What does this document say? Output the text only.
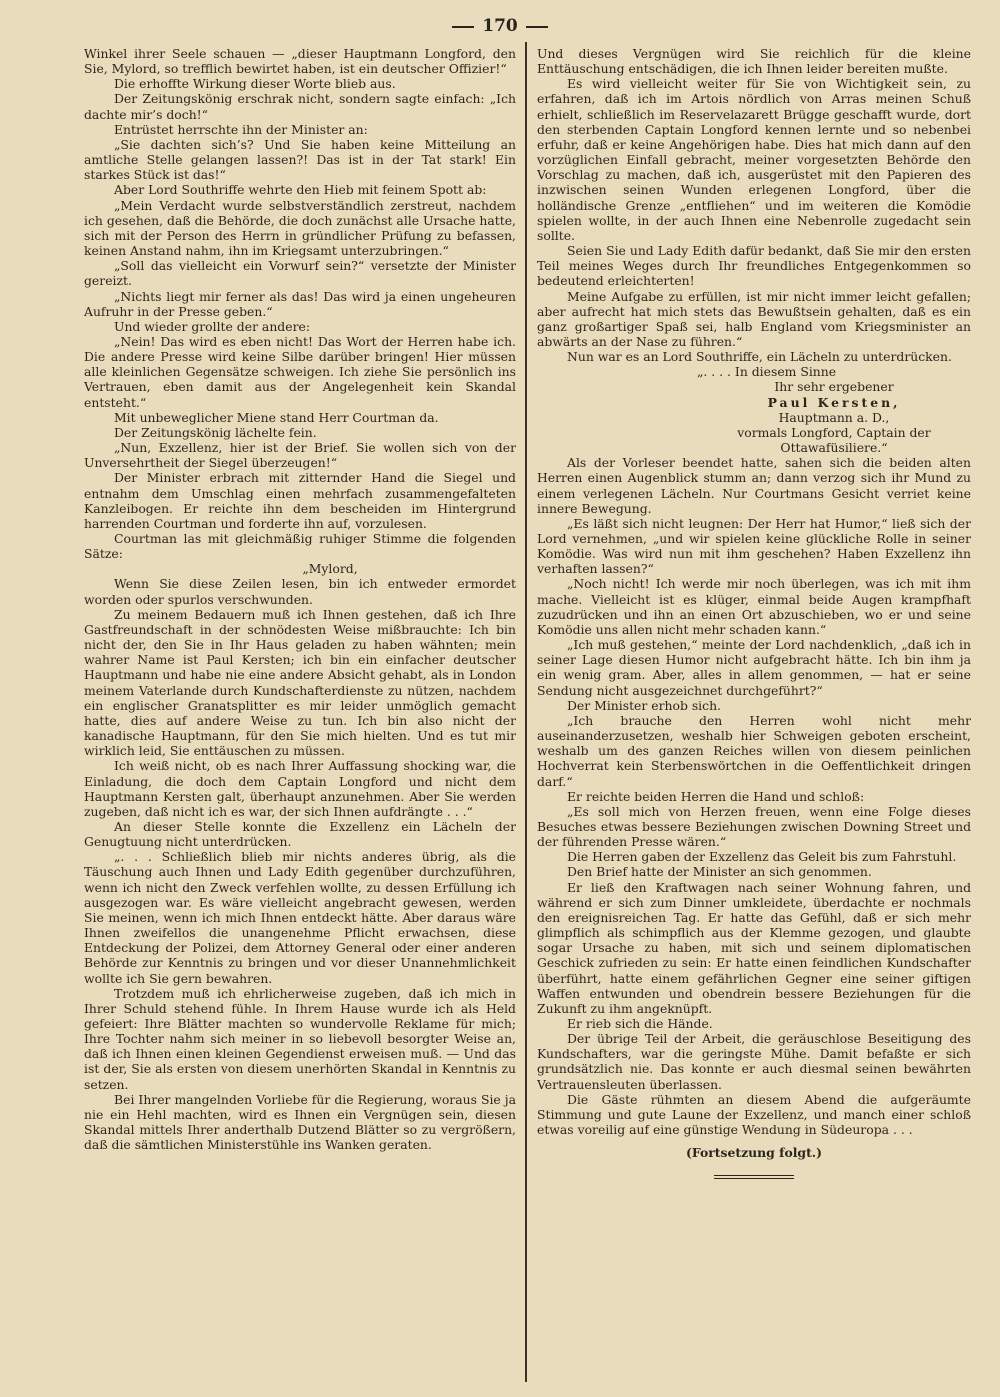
170

Winkel ihrer Seele schauen — „dieser Hauptmann Longford, den Sie, Mylord, so trefflich bewirtet haben, ist ein deutscher Offizier!“

Die erhoffte Wirkung dieser Worte blieb aus.

Der Zeitungskönig erschrak nicht, sondern sagte einfach: „Ich dachte mir’s doch!“

Entrüstet herrschte ihn der Minister an:

„Sie dachten sich’s? Und Sie haben keine Mitteilung an amtliche Stelle gelangen lassen?! Das ist in der Tat stark! Ein starkes Stück ist das!“

Aber Lord Southriffe wehrte den Hieb mit feinem Spott ab:

„Mein Verdacht wurde selbstverständlich zerstreut, nachdem ich gesehen, daß die Behörde, die doch zunächst alle Ursache hatte, sich mit der Person des Herrn in gründlicher Prüfung zu befassen, keinen Anstand nahm, ihn im Kriegsamt unterzubringen.“

„Soll das vielleicht ein Vorwurf sein?“ versetzte der Minister gereizt.

„Nichts liegt mir ferner als das! Das wird ja einen ungeheuren Aufruhr in der Presse geben.“

Und wieder grollte der andere:

„Nein! Das wird es eben nicht! Das Wort der Herren habe ich. Die andere Presse wird keine Silbe darüber bringen! Hier müssen alle kleinlichen Gegensätze schweigen. Ich ziehe Sie persönlich ins Vertrauen, eben damit aus der Angelegenheit kein Skandal entsteht.“

Mit unbeweglicher Miene stand Herr Courtman da.

Der Zeitungskönig lächelte fein.

„Nun, Exzellenz, hier ist der Brief. Sie wollen sich von der Unversehrtheit der Siegel überzeugen!“

Der Minister erbrach mit zitternder Hand die Siegel und entnahm dem Umschlag einen mehrfach zusammengefalteten Kanzleibogen. Er reichte ihn dem bescheiden im Hintergrund harrenden Courtman und forderte ihn auf, vorzulesen.

Courtman las mit gleichmäßig ruhiger Stimme die folgenden Sätze:

„Mylord,

Wenn Sie diese Zeilen lesen, bin ich entweder ermordet worden oder spurlos verschwunden.

Zu meinem Bedauern muß ich Ihnen gestehen, daß ich Ihre Gastfreundschaft in der schnödesten Weise mißbrauchte: Ich bin nicht der, den Sie in Ihr Haus geladen zu haben wähnten; mein wahrer Name ist Paul Kersten; ich bin ein einfacher deutscher Hauptmann und habe nie eine andere Absicht gehabt, als in London meinem Vaterlande durch Kundschafterdienste zu nützen, nachdem ein englischer Granatsplitter es mir leider unmöglich gemacht hatte, dies auf andere Weise zu tun. Ich bin also nicht der kanadische Hauptmann, für den Sie mich hielten. Und es tut mir wirklich leid, Sie enttäuschen zu müssen.

Ich weiß nicht, ob es nach Ihrer Auffassung shocking war, die Einladung, die doch dem Captain Longford und nicht dem Hauptmann Kersten galt, überhaupt anzunehmen. Aber Sie werden zugeben, daß nicht ich es war, der sich Ihnen aufdrängte . . .“

An dieser Stelle konnte die Exzellenz ein Lächeln der Genugtuung nicht unterdrücken.

„. . . Schließlich blieb mir nichts anderes übrig, als die Täuschung auch Ihnen und Lady Edith gegenüber durchzuführen, wenn ich nicht den Zweck verfehlen wollte, zu dessen Erfüllung ich ausgezogen war. Es wäre vielleicht angebracht gewesen, werden Sie meinen, wenn ich mich Ihnen entdeckt hätte. Aber daraus wäre Ihnen zweifellos die unangenehme Pflicht erwachsen, diese Entdeckung der Polizei, dem Attorney General oder einer anderen Behörde zur Kenntnis zu bringen und vor dieser Unannehmlichkeit wollte ich Sie gern bewahren.

Trotzdem muß ich ehrlicherweise zugeben, daß ich mich in Ihrer Schuld stehend fühle. In Ihrem Hause wurde ich als Held gefeiert: Ihre Blätter machten so wundervolle Reklame für mich; Ihre Tochter nahm sich meiner in so liebevoll besorgter Weise an, daß ich Ihnen einen kleinen Gegendienst erweisen muß. — Und das ist der, Sie als ersten von diesem unerhörten Skandal in Kenntnis zu setzen.

Bei Ihrer mangelnden Vorliebe für die Regierung, woraus Sie ja nie ein Hehl machten, wird es Ihnen ein Vergnügen sein, diesen Skandal mittels Ihrer anderthalb Dutzend Blätter so zu vergrößern, daß die sämtlichen Ministerstühle ins Wanken geraten.

Und dieses Vergnügen wird Sie reichlich für die kleine Enttäuschung entschädigen, die ich Ihnen leider bereiten mußte.

Es wird vielleicht weiter für Sie von Wichtigkeit sein, zu erfahren, daß ich im Artois nördlich von Arras meinen Schuß erhielt, schließlich im Reservelazarett Brügge geschafft wurde, dort den sterbenden Captain Longford kennen lernte und so nebenbei erfuhr, daß er keine Angehörigen habe. Dies hat mich dann auf den vorzüglichen Einfall gebracht, meiner vorgesetzten Behörde den Vorschlag zu machen, daß ich, ausgerüstet mit den Papieren des inzwischen seinen Wunden erlegenen Longford, über die holländische Grenze „entfliehen“ und im weiteren die Komödie spielen wollte, in der auch Ihnen eine Nebenrolle zugedacht sein sollte.

Seien Sie und Lady Edith dafür bedankt, daß Sie mir den ersten Teil meines Weges durch Ihr freundliches Entgegenkommen so bedeutend erleichterten!

Meine Aufgabe zu erfüllen, ist mir nicht immer leicht gefallen; aber aufrecht hat mich stets das Bewußtsein gehalten, daß es ein ganz großartiger Spaß sei, halb England vom Kriegsminister an abwärts an der Nase zu führen.“

Nun war es an Lord Southriffe, ein Lächeln zu unterdrücken.

„. . . . In diesem Sinne

Ihr sehr ergebener

Paul Kersten,

Hauptmann a. D.,

vormals Longford, Captain der

Ottawafüsiliere.“

Als der Vorleser beendet hatte, sahen sich die beiden alten Herren einen Augenblick stumm an; dann verzog sich ihr Mund zu einem verlegenen Lächeln. Nur Courtmans Gesicht verriet keine innere Bewegung.

„Es läßt sich nicht leugnen: Der Herr hat Humor,“ ließ sich der Lord vernehmen, „und wir spielen keine glückliche Rolle in seiner Komödie. Was wird nun mit ihm geschehen? Haben Exzellenz ihn verhaften lassen?“

„Noch nicht! Ich werde mir noch überlegen, was ich mit ihm mache. Vielleicht ist es klüger, einmal beide Augen krampfhaft zuzudrücken und ihn an einen Ort abzuschieben, wo er und seine Komödie uns allen nicht mehr schaden kann.“

„Ich muß gestehen,“ meinte der Lord nachdenklich, „daß ich in seiner Lage diesen Humor nicht aufgebracht hätte. Ich bin ihm ja ein wenig gram. Aber, alles in allem genommen, — hat er seine Sendung nicht ausgezeichnet durchgeführt?“

Der Minister erhob sich.

„Ich brauche den Herren wohl nicht mehr auseinanderzusetzen, weshalb hier Schweigen geboten erscheint, weshalb um des ganzen Reiches willen von diesem peinlichen Hochverrat kein Sterbenswörtchen in die Oeffentlichkeit dringen darf.“

Er reichte beiden Herren die Hand und schloß:

„Es soll mich von Herzen freuen, wenn eine Folge dieses Besuches etwas bessere Beziehungen zwischen Downing Street und der führenden Presse wären.“

Die Herren gaben der Exzellenz das Geleit bis zum Fahrstuhl.

Den Brief hatte der Minister an sich genommen.

Er ließ den Kraftwagen nach seiner Wohnung fahren, und während er sich zum Dinner umkleidete, überdachte er nochmals den ereignisreichen Tag. Er hatte das Gefühl, daß er sich mehr glimpflich als schimpflich aus der Klemme gezogen, und glaubte sogar Ursache zu haben, mit sich und seinem diplomatischen Geschick zufrieden zu sein: Er hatte einen feindlichen Kundschafter überführt, hatte einem gefährlichen Gegner eine seiner giftigen Waffen entwunden und obendrein bessere Beziehungen für die Zukunft zu ihm angeknüpft.

Er rieb sich die Hände.

Der übrige Teil der Arbeit, die geräuschlose Beseitigung des Kundschafters, war die geringste Mühe. Damit befaßte er sich grundsätzlich nie. Das konnte er auch diesmal seinen bewährten Vertrauensleuten überlassen.

Die Gäste rühmten an diesem Abend die aufgeräumte Stimmung und gute Laune der Exzellenz, und manch einer schloß etwas voreilig auf eine günstige Wendung in Südeuropa . . .

(Fortsetzung folgt.)
